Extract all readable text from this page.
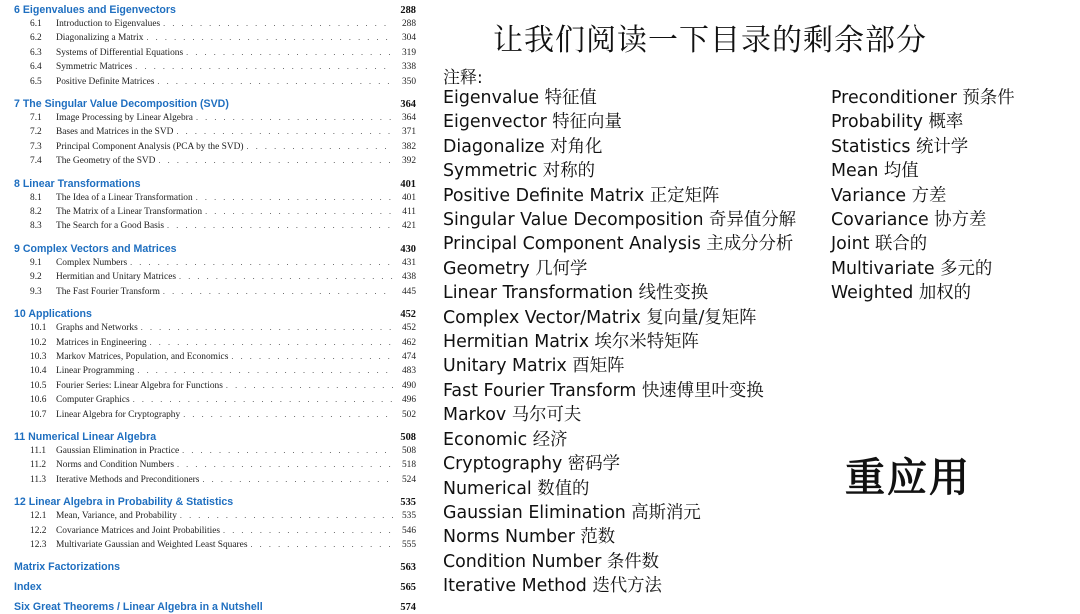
6 Eigenvalues and Eigenvectors	288
6.1	Introduction to Eigenvalues . . .	288
6.2	Diagonalizing a Matrix . . .	304
6.3	Systems of Differential Equations . . .	319
6.4	Symmetric Matrices . . .	338
6.5	Positive Definite Matrices . . .	350
7 The Singular Value Decomposition (SVD)	364
7.1	Image Processing by Linear Algebra . . .	364
7.2	Bases and Matrices in the SVD . . .	371
7.3	Principal Component Analysis (PCA by the SVD) . . .	382
7.4	The Geometry of the SVD . . .	392
8 Linear Transformations	401
8.1	The Idea of a Linear Transformation . . .	401
8.2	The Matrix of a Linear Transformation . . .	411
8.3	The Search for a Good Basis . . .	421
9 Complex Vectors and Matrices	430
9.1	Complex Numbers . . .	431
9.2	Hermitian and Unitary Matrices . . .	438
9.3	The Fast Fourier Transform . . .	445
10 Applications	452
10.1	Graphs and Networks . . .	452
10.2	Matrices in Engineering . . .	462
10.3	Markov Matrices, Population, and Economics . . .	474
10.4	Linear Programming . . .	483
10.5	Fourier Series: Linear Algebra for Functions . . .	490
10.6	Computer Graphics . . .	496
10.7	Linear Algebra for Cryptography . . .	502
11 Numerical Linear Algebra	508
11.1	Gaussian Elimination in Practice . . .	508
11.2	Norms and Condition Numbers . . .	518
11.3	Iterative Methods and Preconditioners . . .	524
12 Linear Algebra in Probability & Statistics	535
12.1	Mean, Variance, and Probability . . .	535
12.2	Covariance Matrices and Joint Probabilities . . .	546
12.3	Multivariate Gaussian and Weighted Least Squares . . .	555
Matrix Factorizations	563
Index	565
Six Great Theorems / Linear Algebra in a Nutshell	574
让我们阅读一下目录的剩余部分
注释:
Eigenvalue 特征值
Eigenvector 特征向量
Diagonalize 对角化
Symmetric 对称的
Positive Definite Matrix 正定矩阵
Singular Value Decomposition 奇异值分解
Principal Component Analysis 主成分分析
Geometry 几何学
Linear Transformation 线性变换
Complex Vector/Matrix 复向量/复矩阵
Hermitian Matrix 埃尔米特矩阵
Unitary Matrix 酉矩阵
Fast Fourier Transform 快速傅里叶变换
Markov 马尔可夫
Economic 经济
Cryptography 密码学
Numerical 数值的
Gaussian Elimination 高斯消元
Norms Number 范数
Condition Number 条件数
Iterative Method 迭代方法
Preconditioner 预条件
Probability 概率
Statistics 统计学
Mean 均值
Variance 方差
Covariance 协方差
Joint 联合的
Multivariate 多元的
Weighted 加权的
重应用
